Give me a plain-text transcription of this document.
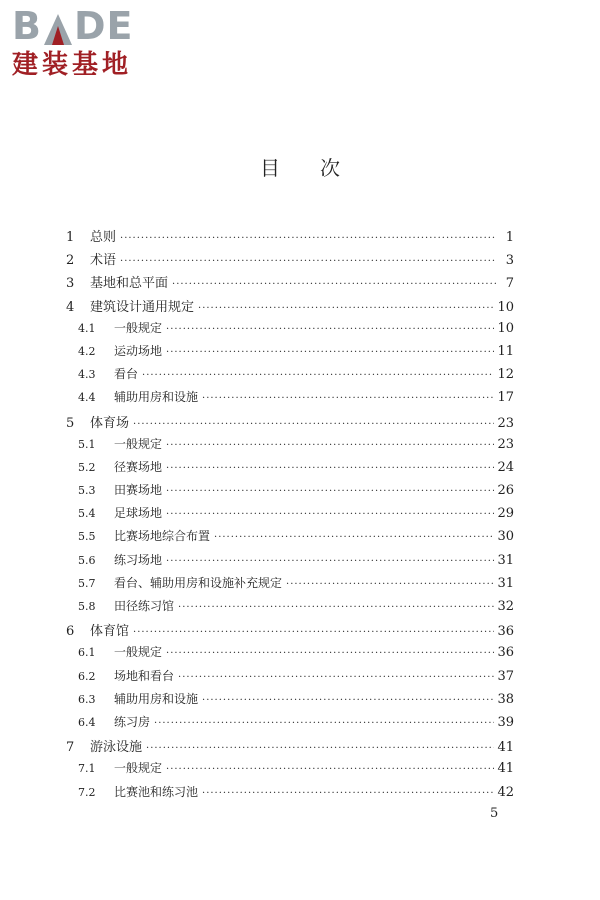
B DE
建装基地
目次
1	总则 ·····	1
2	术语 ·····	3
3	基地和总平面 ·····	7
4	建筑设计通用规定 ·····	10
4.1	一般规定 ·····	10
4.2	运动场地 ·····	11
4.3	看台 ·····	12
4.4	辅助用房和设施 ·····	17
5	体育场 ·····	23
5.1	一般规定 ·····	23
5.2	径赛场地 ·····	24
5.3	田赛场地 ·····	26
5.4	足球场地 ·····	29
5.5	比赛场地综合布置 ·····	30
5.6	练习场地 ·····	31
5.7	看台、辅助用房和设施补充规定 ·····	31
5.8	田径练习馆 ·····	32
6	体育馆 ·····	36
6.1	一般规定 ·····	36
6.2	场地和看台 ·····	37
6.3	辅助用房和设施 ·····	38
6.4	练习房 ·····	39
7	游泳设施 ·····	41
7.1	一般规定 ·····	41
7.2	比赛池和练习池 ·····	42
5
